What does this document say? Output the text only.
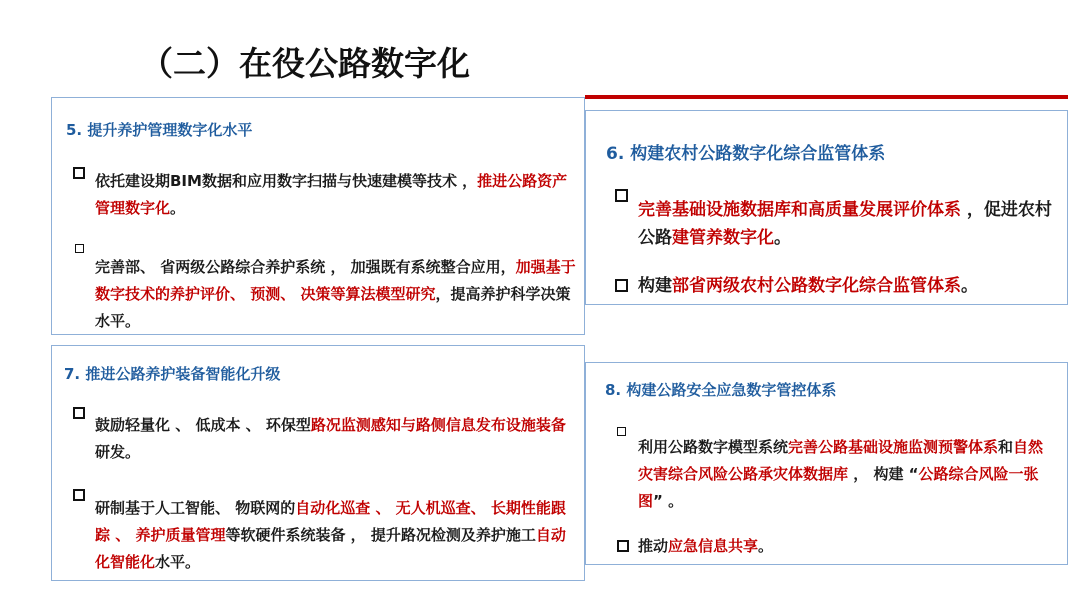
（二）在役公路数字化
5. 提升养护管理数字化水平
依托建设期BIM数据和应用数字扫描与快速建模等技术 ，推进公路资产管理数字化。
完善部、 省两级公路综合养护系统 ， 加强既有系统整合应用，加强基于数字技术的养护评价、 预测、 决策等算法模型研究，提高养护科学决策水平。
6. 构建农村公路数字化综合监管体系
完善基础设施数据库和高质量发展评价体系 ，促进农村公路建管养数字化。
构建部省两级农村公路数字化综合监管体系。
7. 推进公路养护装备智能化升级
鼓励轻量化 、 低成本 、 环保型路况监测感知与路侧信息发布设施装备研发。
研制基于人工智能、 物联网的自动化巡查 、 无人机巡查、 长期性能跟踪 、 养护质量管理等软硬件系统装备 ， 提升路况检测及养护施工自动化智能化水平。
8. 构建公路安全应急数字管控体系
利用公路数字模型系统完善公路基础设施监测预警体系和自然灾害综合风险公路承灾体数据库 ， 构建 “公路综合风险一张图” 。
推动应急信息共享。
